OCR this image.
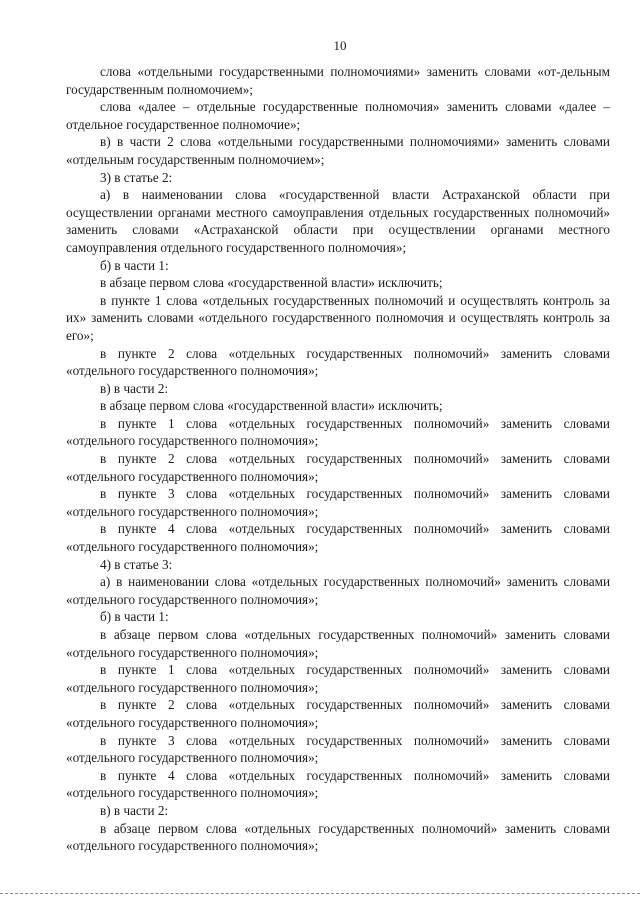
10

слова «отдельными государственными полномочиями» заменить словами «от-дельным государственным полномочием»;

слова «далее – отдельные государственные полномочия» заменить словами «далее – отдельное государственное полномочие»;

в) в части 2 слова «отдельными государственными полномочиями» заменить словами «отдельным государственным полномочием»;

3) в статье 2:

а) в наименовании слова «государственной власти Астраханской области при осуществлении органами местного самоуправления отдельных государственных полномочий» заменить словами «Астраханской области при осуществлении органами местного самоуправления отдельного государственного полномочия»;

б) в части 1:

в абзаце первом слова «государственной власти» исключить;

в пункте 1 слова «отдельных государственных полномочий и осуществлять контроль за их» заменить словами «отдельного государственного полномочия и осуществлять контроль за его»;

в пункте 2 слова «отдельных государственных полномочий» заменить словами «отдельного государственного полномочия»;

в) в части 2:

в абзаце первом слова «государственной власти» исключить;

в пункте 1 слова «отдельных государственных полномочий» заменить словами «отдельного государственного полномочия»;

в пункте 2 слова «отдельных государственных полномочий» заменить словами «отдельного государственного полномочия»;

в пункте 3 слова «отдельных государственных полномочий» заменить словами «отдельного государственного полномочия»;

в пункте 4 слова «отдельных государственных полномочий» заменить словами «отдельного государственного полномочия»;

4) в статье 3:

а) в наименовании слова «отдельных государственных полномочий» заменить словами «отдельного государственного полномочия»;

б) в части 1:

в абзаце первом слова «отдельных государственных полномочий» заменить словами «отдельного государственного полномочия»;

в пункте 1 слова «отдельных государственных полномочий» заменить словами «отдельного государственного полномочия»;

в пункте 2 слова «отдельных государственных полномочий» заменить словами «отдельного государственного полномочия»;

в пункте 3 слова «отдельных государственных полномочий» заменить словами «отдельного государственного полномочия»;

в пункте 4 слова «отдельных государственных полномочий» заменить словами «отдельного государственного полномочия»;

в) в части 2:

в абзаце первом слова «отдельных государственных полномочий» заменить словами «отдельного государственного полномочия»;
